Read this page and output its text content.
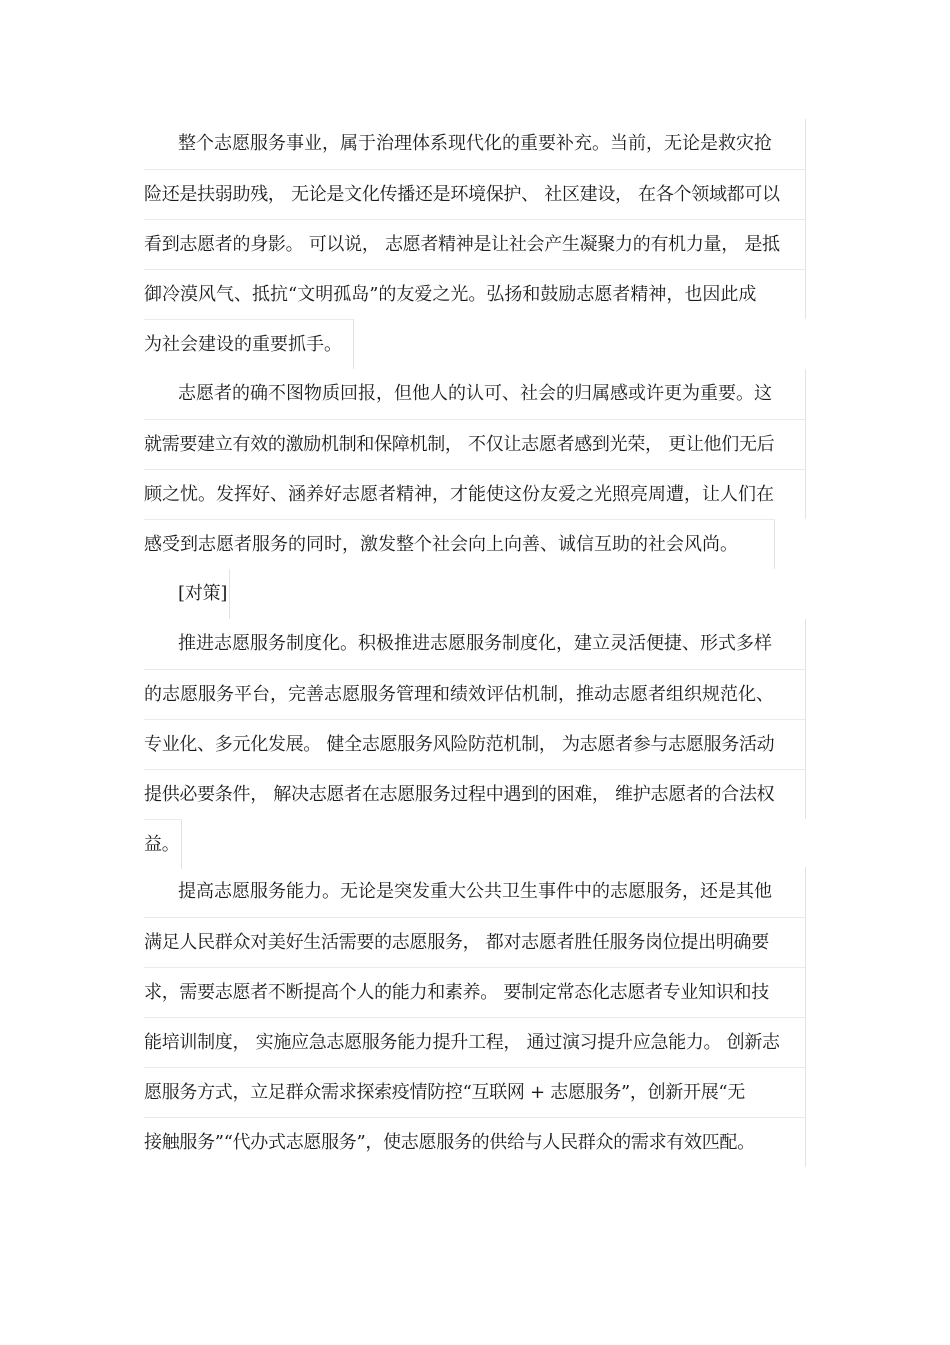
整个志愿服务事业，属于治理体系现代化的重要补充。当前，无论是救灾抢
险还是扶弱助残， 无论是文化传播还是环境保护、 社区建设， 在各个领域都可以
看到志愿者的身影。 可以说， 志愿者精神是让社会产生凝聚力的有机力量， 是抵
御冷漠风气、抵抗“文明孤岛”的友爱之光。弘扬和鼓励志愿者精神，也因此成
为社会建设的重要抓手。
志愿者的确不图物质回报，但他人的认可、社会的归属感或许更为重要。这
就需要建立有效的激励机制和保障机制， 不仅让志愿者感到光荣， 更让他们无后
顾之忧。发挥好、涵养好志愿者精神，才能使这份友爱之光照亮周遭，让人们在
感受到志愿者服务的同时，激发整个社会向上向善、诚信互助的社会风尚。
[对策]
推进志愿服务制度化。积极推进志愿服务制度化，建立灵活便捷、形式多样
的志愿服务平台，完善志愿服务管理和绩效评估机制，推动志愿者组织规范化、
专业化、多元化发展。 健全志愿服务风险防范机制， 为志愿者参与志愿服务活动
提供必要条件， 解决志愿者在志愿服务过程中遇到的困难， 维护志愿者的合法权
益。
提高志愿服务能力。无论是突发重大公共卫生事件中的志愿服务，还是其他
满足人民群众对美好生活需要的志愿服务， 都对志愿者胜任服务岗位提出明确要
求，需要志愿者不断提高个人的能力和素养。 要制定常态化志愿者专业知识和技
能培训制度， 实施应急志愿服务能力提升工程， 通过演习提升应急能力。 创新志
愿服务方式，立足群众需求探索疫情防控“互联网 + 志愿服务”，创新开展“无
接触服务”“代办式志愿服务”，使志愿服务的供给与人民群众的需求有效匹配。
